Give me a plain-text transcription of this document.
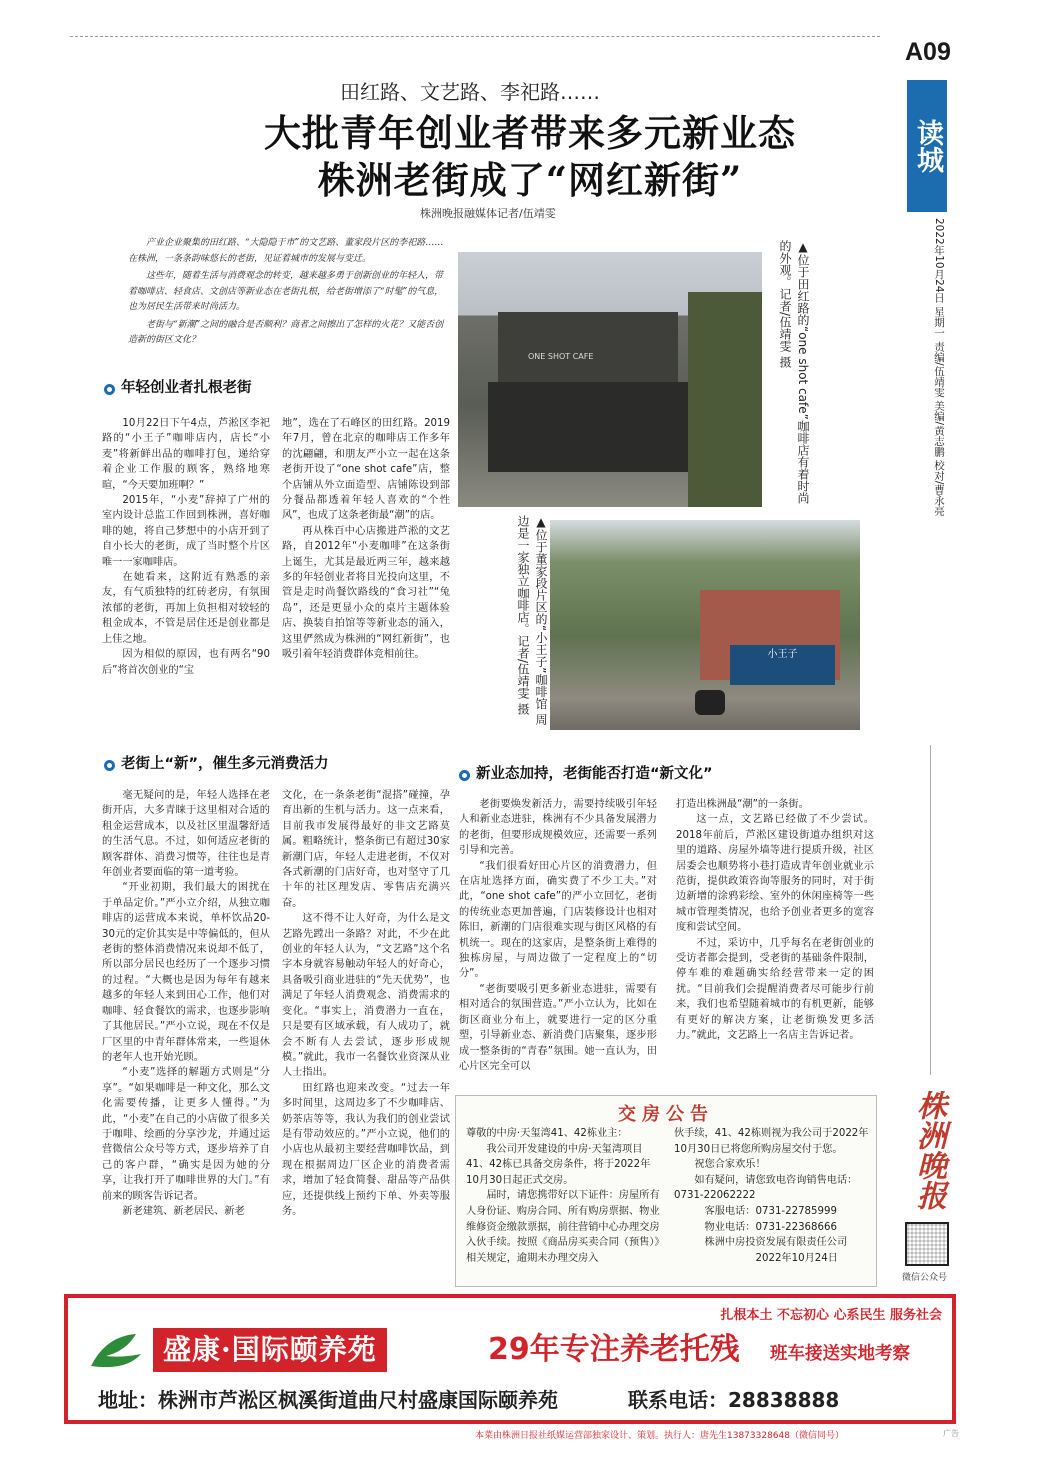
A09
读城
2022年10月24日 星期一 责编/伍靖雯 美编/黄志鹏 校对/曹永亮
田红路、文艺路、李祀路……
大批青年创业者带来多元新业态
株洲老街成了“网红新街”
株洲晚报融媒体记者/伍靖雯

产业企业聚集的田红路、“大隐隐于市”的文艺路、董家段片区的李祀路……在株洲，一条条韵味悠长的老街，见证着城市的发展与变迁。

这些年，随着生活与消费观念的转变，越来越多勇于创新创业的年轻人，带着咖啡店、轻食店、文创店等新业态在老街扎根，给老街增添了“时髦”的气息，也为居民生活带来时尚活力。

老街与“新潮”之间的融合是否顺利？商者之间擦出了怎样的火花？又能否创造新的街区文化？

ONE SHOT CAFE	▲位于田红路的“one shot cafe”咖啡店有着时尚的外观。记者/伍靖雯 摄
小王子
▲位于董家段片区的“小王子”咖啡馆 周边是一家独立咖啡店。记者/伍靖雯 摄
年轻创业者扎根老街

10月22日下午4点，芦淞区李祀路的“小王子”咖啡店内，店长“小麦”将新鲜出品的咖啡打包，递给穿着企业工作服的顾客，熟络地寒暄，“今天要加班啊？”

2015年，“小麦”辞掉了广州的室内设计总监工作回到株洲，喜好咖啡的她，将自己梦想中的小店开到了自小长大的老街，成了当时整个片区唯一一家咖啡店。

在她看来，这附近有熟悉的亲友，有气质独特的红砖老房，有氛围浓郁的老街，再加上负担相对较轻的租金成本，不管是居住还是创业都是上佳之地。

因为相似的原因，也有两名“90后”将首次创业的“宝

地”，选在了石峰区的田红路。2019年7月，曾在北京的咖啡店工作多年的沈翩翩，和朋友严小立一起在这条老街开设了“one shot cafe”店，整个店铺从外立面造型、店铺陈设到部分餐品都透着年轻人喜欢的“个性风”，也成了这条老街最“潮”的店。

再从株百中心店搬进芦淞的文艺路，自2012年“小麦咖啡”在这条街上诞生，尤其是最近两三年，越来越多的年轻创业者将目光投向这里，不管是走时尚餐饮路线的“食习社”“兔岛”，还是更显小众的桌片主题体验店、换装自拍馆等等新业态的涌入，这里俨然成为株洲的“网红新街”，也吸引着年轻消费群体竞相前往。

老街上“新”，催生多元消费活力

毫无疑问的是，年轻人选择在老街开店，大多青睐于这里相对合适的租金运营成本，以及社区里温馨舒适的生活气息。不过，如何适应老街的顾客群体、消费习惯等，往往也是青年创业者要面临的第一道考验。

“开业初期，我们最大的困扰在于单品定价。”严小立介绍，从独立咖啡店的运营成本来说，单杯饮品20-30元的定价其实是中等偏低的，但从老街的整体消费情况来说却不低了，所以部分居民也经历了一个逐步习惯的过程。“大概也是因为每年有越来越多的年轻人来到田心工作，他们对咖啡、轻食餐饮的需求，也逐步影响了其他居民。”严小立说，现在不仅是厂区里的中青年群体常来，一些退休的老年人也开始光顾。

“小麦”选择的解题方式则是“分享”。“如果咖啡是一种文化，那么文化需要传播，让更多人懂得。”为此，“小麦”在自己的小店做了很多关于咖啡、绘画的分享沙龙，并通过运营微信公众号等方式，逐步培养了自己的客户群，“确实是因为她的分享，让我打开了咖啡世界的大门。”有前来的顾客告诉记者。

新老建筑、新老居民、新老

文化，在一条条老街“混搭”碰撞，孕育出新的生机与活力。这一点来看，目前我市发展得最好的非文艺路莫属。粗略统计，整条街已有超过30家新潮门店，年轻人走进老街，不仅对各式新潮的门店好奇，也对坚守了几十年的社区理发店、零售店充满兴奋。

这不得不让人好奇，为什么是文艺路先蹚出一条路？对此，不少在此创业的年轻人认为，“文艺路”这个名字本身就容易触动年轻人的好奇心，具备吸引商业进驻的“先天优势”，也满足了年轻人消费观念、消费需求的变化。“事实上，消费潜力一直在，只是要有区域承载，有人成功了，就会不断有人去尝试，逐步形成规模。”就此，我市一名餐饮业资深从业人士指出。

田红路也迎来改变。“过去一年多时间里，这周边多了不少咖啡店、奶茶店等等，我认为我们的创业尝试是有带动效应的。”严小立说，他们的小店也从最初主要经营咖啡饮品，到现在根据周边厂区企业的消费者需求，增加了轻食简餐、甜品等产品供应，还提供线上预约下单、外卖等服务。

新业态加持，老街能否打造“新文化”

老街要焕发新活力，需要持续吸引年轻人和新业态进驻，株洲有不少具备发展潜力的老街，但要形成规模效应，还需要一系列引导和完善。

“我们很看好田心片区的消费潜力，但在店址选择方面，确实费了不少工夫。”对此，“one shot cafe”的严小立回忆，老街的传统业态更加普遍，门店装修设计也相对陈旧，新潮的门店很难实现与街区风格的有机统一。现在的这家店，是整条街上难得的独栋房屋，与周边做了一定程度上的“切分”。

“老街要吸引更多新业态进驻，需要有相对适合的氛围营造。”严小立认为，比如在街区商业分布上，就要进行一定的区分重塑，引导新业态、新消费门店聚集，逐步形成一整条街的“青春”氛围。她一直认为，田心片区完全可以

打造出株洲最“潮”的一条街。

这一点，文艺路已经做了不少尝试。2018年前后，芦淞区建设街道办组织对这里的道路、房屋外墙等进行提质升级，社区居委会也顺势将小巷打造成青年创业就业示范街，提供政策咨询等服务的同时，对于街边新增的涂鸦彩绘、室外的休闲座椅等一些城市管理类情况，也给予创业者更多的宽容度和尝试空间。

不过，采访中，几乎每名在老街创业的受访者都会提到，受老街的基础条件限制，停车难的难题确实给经营带来一定的困扰。“目前我们会提醒消费者尽可能步行前来，我们也希望随着城市的有机更新，能够有更好的解决方案，让老街焕发更多活力。”就此，文艺路上一名店主告诉记者。

交房公告

尊敬的中房·天玺湾41、42栋业主：

　　我公司开发建设的中房·天玺湾项目41、42栋已具备交房条件，将于2022年10月30日起正式交房。

　　届时，请您携带好以下证件：房屋所有人身份证、购房合同、所有购房票据、物业维修资金缴款票据，前往营销中心办理交房入伙手续。按照《商品房买卖合同（预售）》相关规定，逾期未办理交房入

伙手续，41、42栋则视为我公司于2022年10月30日已将您所购房屋交付于您。

　　祝您合家欢乐！

　　如有疑问，请您致电咨询销售电话：0731-22062222

　　　客服电话：0731-22785999

　　　物业电话：0731-22368666

　　　株洲中房投资发展有限责任公司

　　　　　　　　2022年10月24日

株洲晚报
微信公众号
扎根本土 不忘初心 心系民生 服务社会
盛康·国际颐养苑	29年专注养老托残 班车接送实地考察
地址：株洲市芦淞区枫溪街道曲尺村盛康国际颐养苑	联系电话：28838888
本菜由株洲日报社纸媒运营部独家设计、策划。执行人：唐先生13873328648（微信同号）	广告
